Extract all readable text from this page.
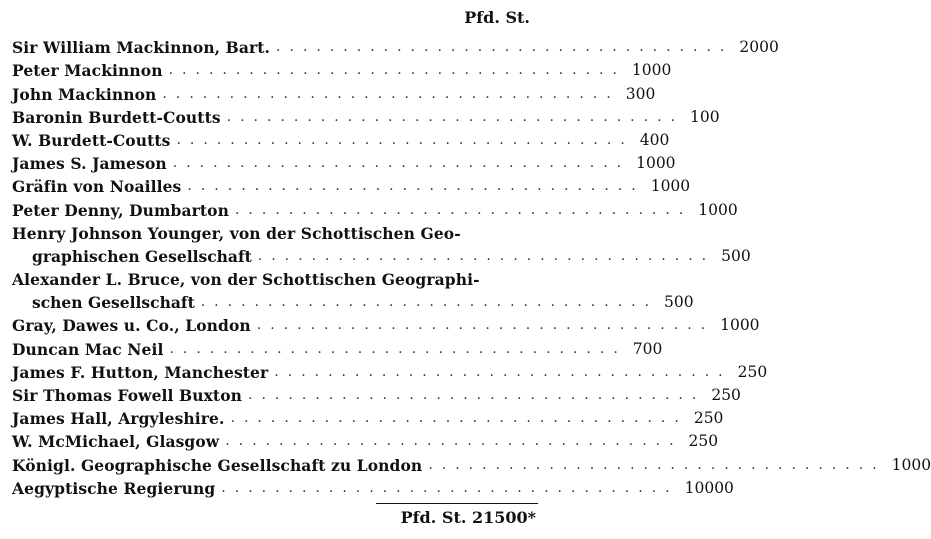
Pfd. St.
Sir William Mackinnon, Bart. .................................. 2000
Peter Mackinnon .................................. 1000
John Mackinnon .................................. 300
Baronin Burdett-Coutts .................................. 100
W. Burdett-Coutts .................................. 400
James S. Jameson .................................. 1000
Gräfin von Noailles .................................. 1000
Peter Denny, Dumbarton .................................. 1000
Henry Johnson Younger, von der Schottischen Geo-
graphischen Gesellschaft .................................. 500
Alexander L. Bruce, von der Schottischen Geographi-
schen Gesellschaft .................................. 500
Gray, Dawes u. Co., London .................................. 1000
Duncan Mac Neil .................................. 700
James F. Hutton, Manchester .................................. 250
Sir Thomas Fowell Buxton .................................. 250
James Hall, Argyleshire. .................................. 250
W. McMichael, Glasgow .................................. 250
Königl. Geographische Gesellschaft zu London .................................. 1000
Aegyptische Regierung .................................. 10000
Pfd. St. 21500*
